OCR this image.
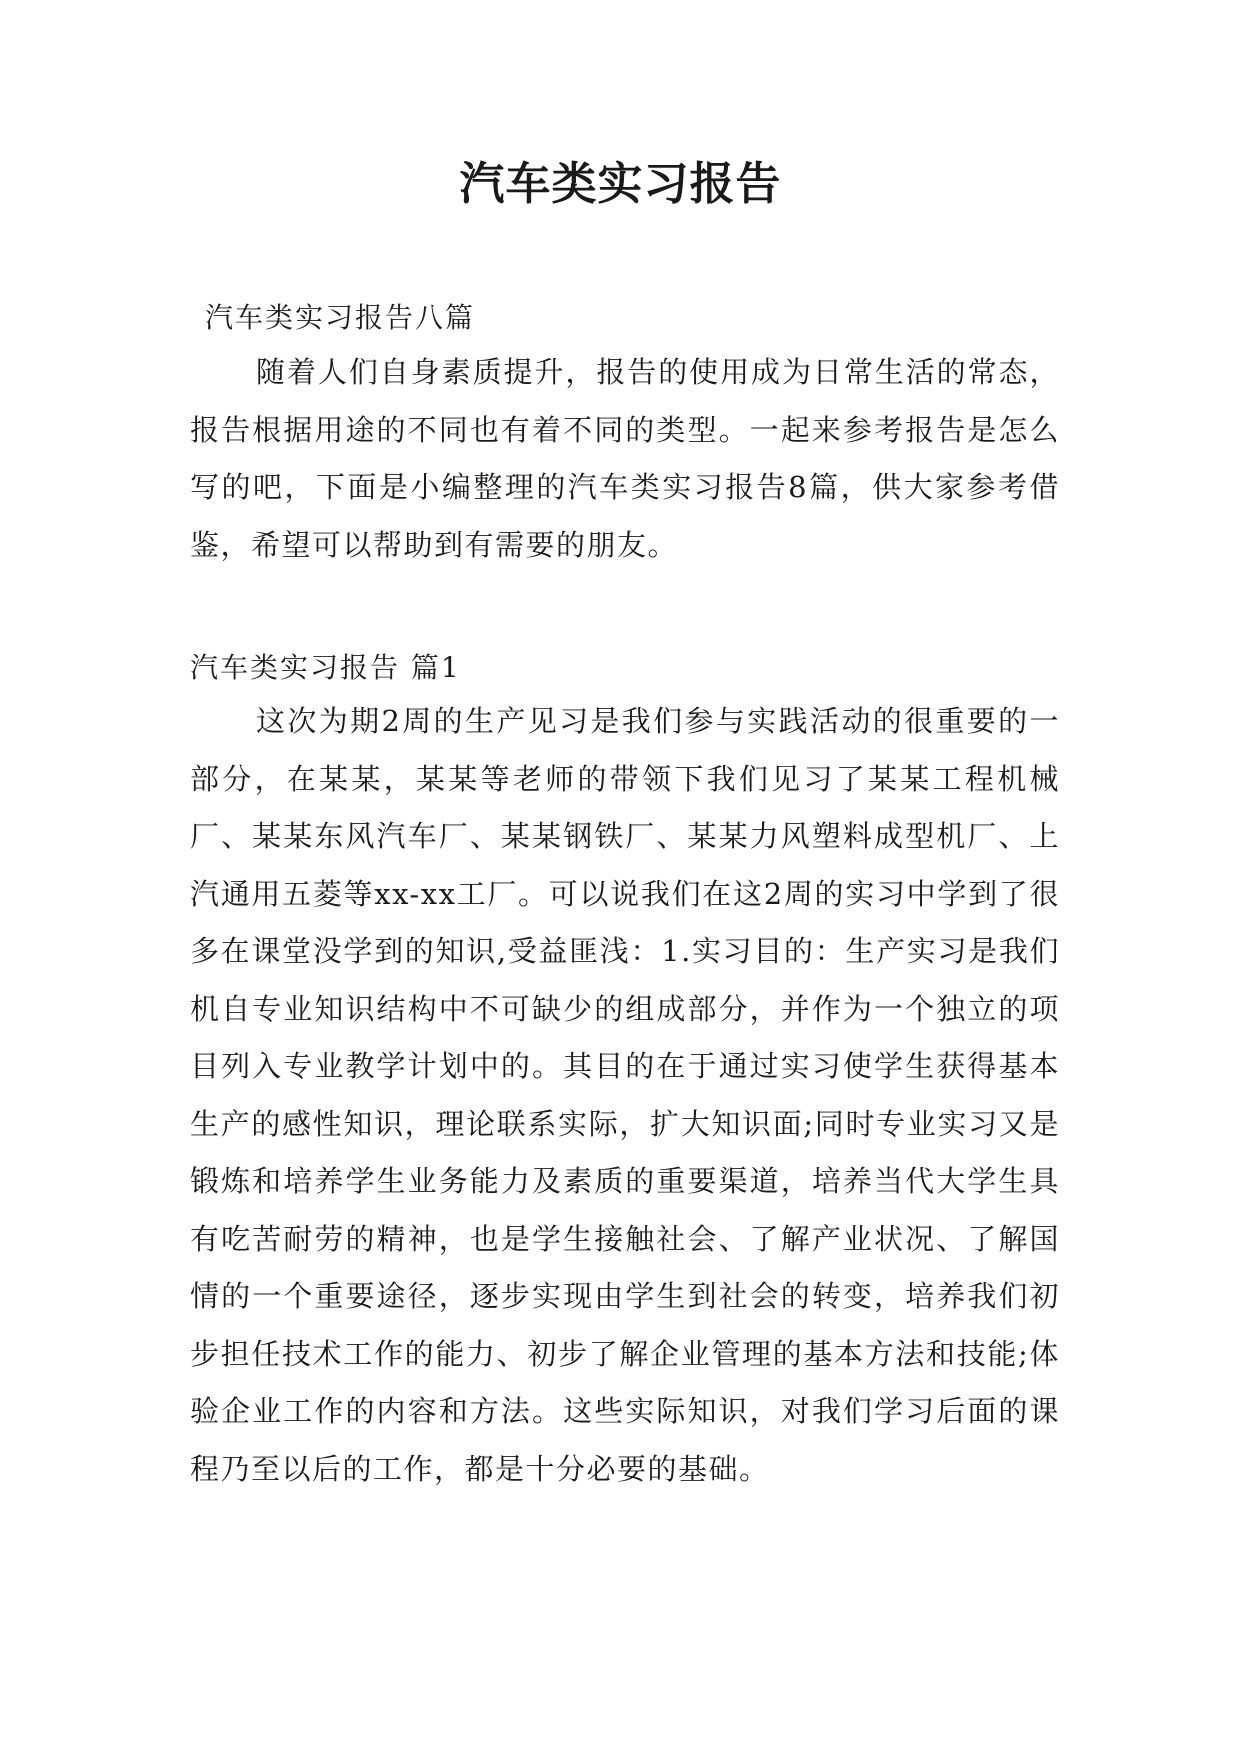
汽车类实习报告
汽车类实习报告八篇

随着人们自身素质提升，报告的使用成为日常生活的常态，报告根据用途的不同也有着不同的类型。一起来参考报告是怎么写的吧，下面是小编整理的汽车类实习报告8篇，供大家参考借鉴，希望可以帮助到有需要的朋友。

汽车类实习报告 篇1

这次为期2周的生产见习是我们参与实践活动的很重要的一部分，在某某，某某等老师的带领下我们见习了某某工程机械厂、某某东风汽车厂、某某钢铁厂、某某力风塑料成型机厂、上汽通用五菱等xx-xx工厂。可以说我们在这2周的实习中学到了很多在课堂没学到的知识,受益匪浅：1.实习目的：生产实习是我们机自专业知识结构中不可缺少的组成部分，并作为一个独立的项目列入专业教学计划中的。其目的在于通过实习使学生获得基本生产的感性知识，理论联系实际，扩大知识面;同时专业实习又是锻炼和培养学生业务能力及素质的重要渠道，培养当代大学生具有吃苦耐劳的精神，也是学生接触社会、了解产业状况、了解国情的一个重要途径，逐步实现由学生到社会的转变，培养我们初步担任技术工作的能力、初步了解企业管理的基本方法和技能;体验企业工作的内容和方法。这些实际知识，对我们学习后面的课程乃至以后的工作，都是十分必要的基础。
